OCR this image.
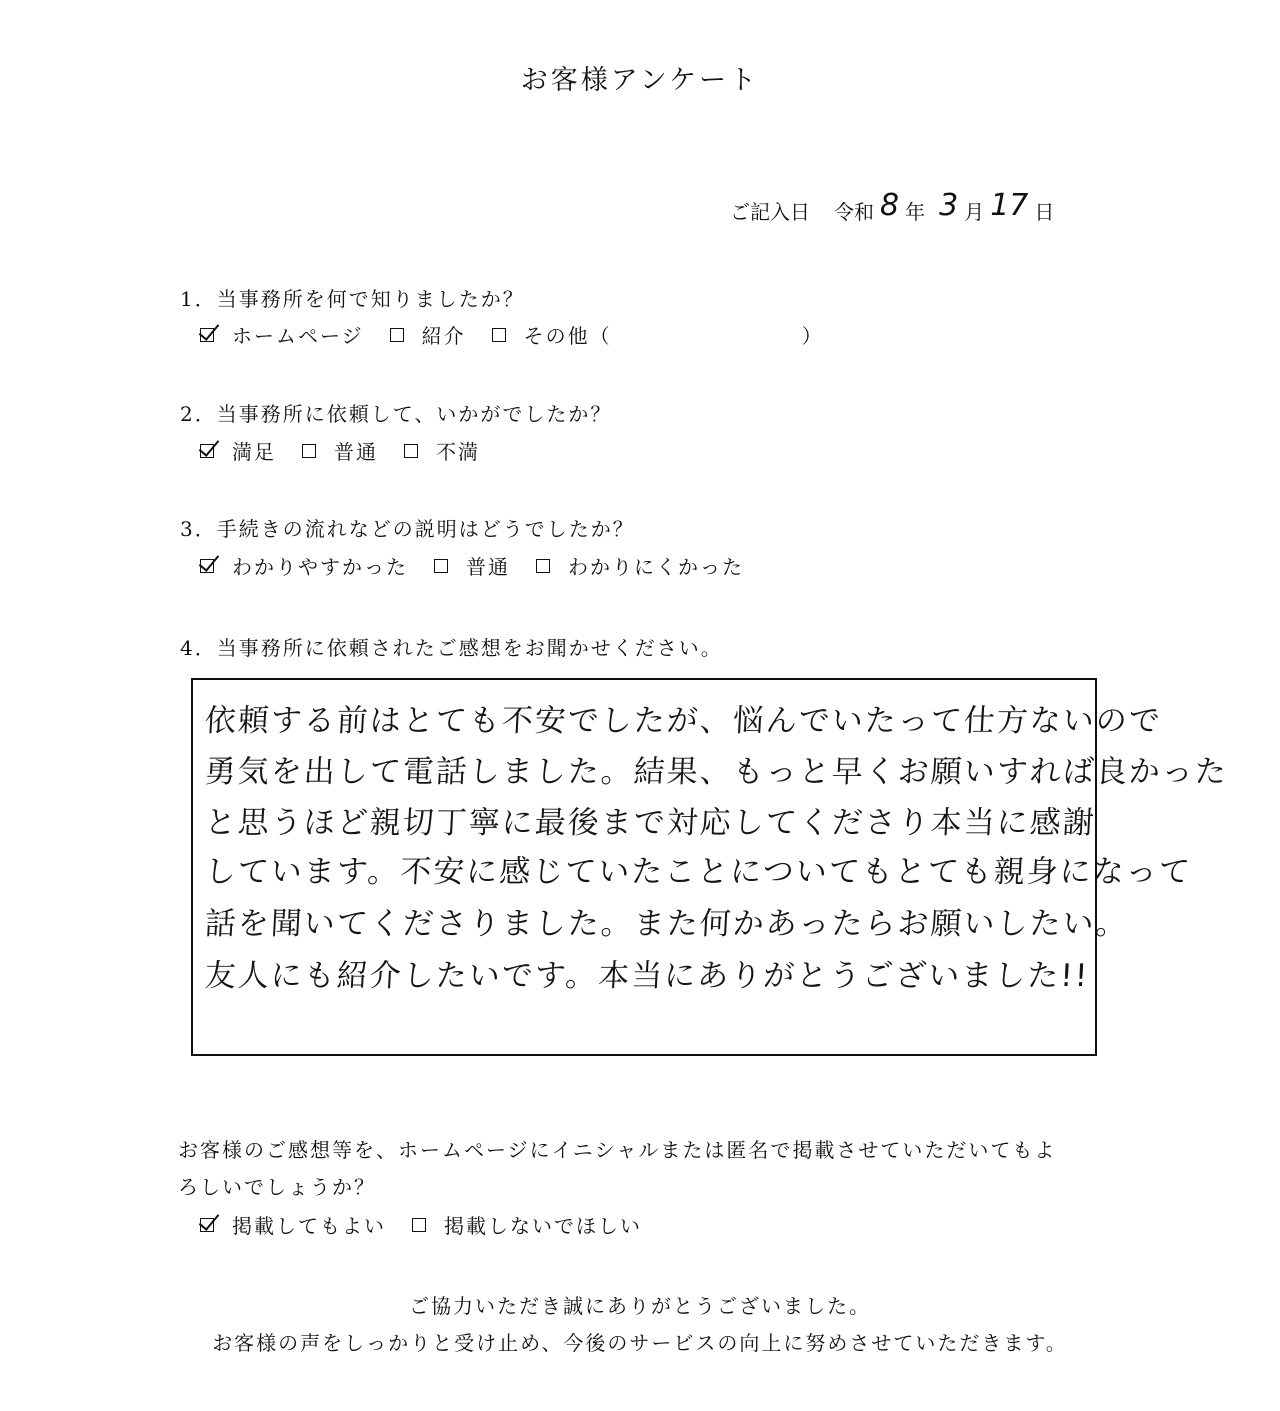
お客様アンケート
ご記入日 令和 8 年 3 月 17 日
1．当事務所を何で知りましたか？
ホームページ	紹介	その他（	）
2．当事務所に依頼して、いかがでしたか？
満足	普通	不満
3．手続きの流れなどの説明はどうでしたか？
わかりやすかった	普通	わかりにくかった
4．当事務所に依頼されたご感想をお聞かせください。
依頼する前はとても不安でしたが、悩んでいたって仕方ないので
勇気を出して電話しました。結果、もっと早くお願いすれば良かった
と思うほど親切丁寧に最後まで対応してくださり本当に感謝
しています。不安に感じていたことについてもとても親身になって
話を聞いてくださりました。また何かあったらお願いしたい。
友人にも紹介したいです。本当にありがとうございました!!
お客様のご感想等を、ホームページにイニシャルまたは匿名で掲載させていただいてもよ
ろしいでしょうか？
掲載してもよい	掲載しないでほしい
ご協力いただき誠にありがとうございました。
お客様の声をしっかりと受け止め、今後のサービスの向上に努めさせていただきます。
